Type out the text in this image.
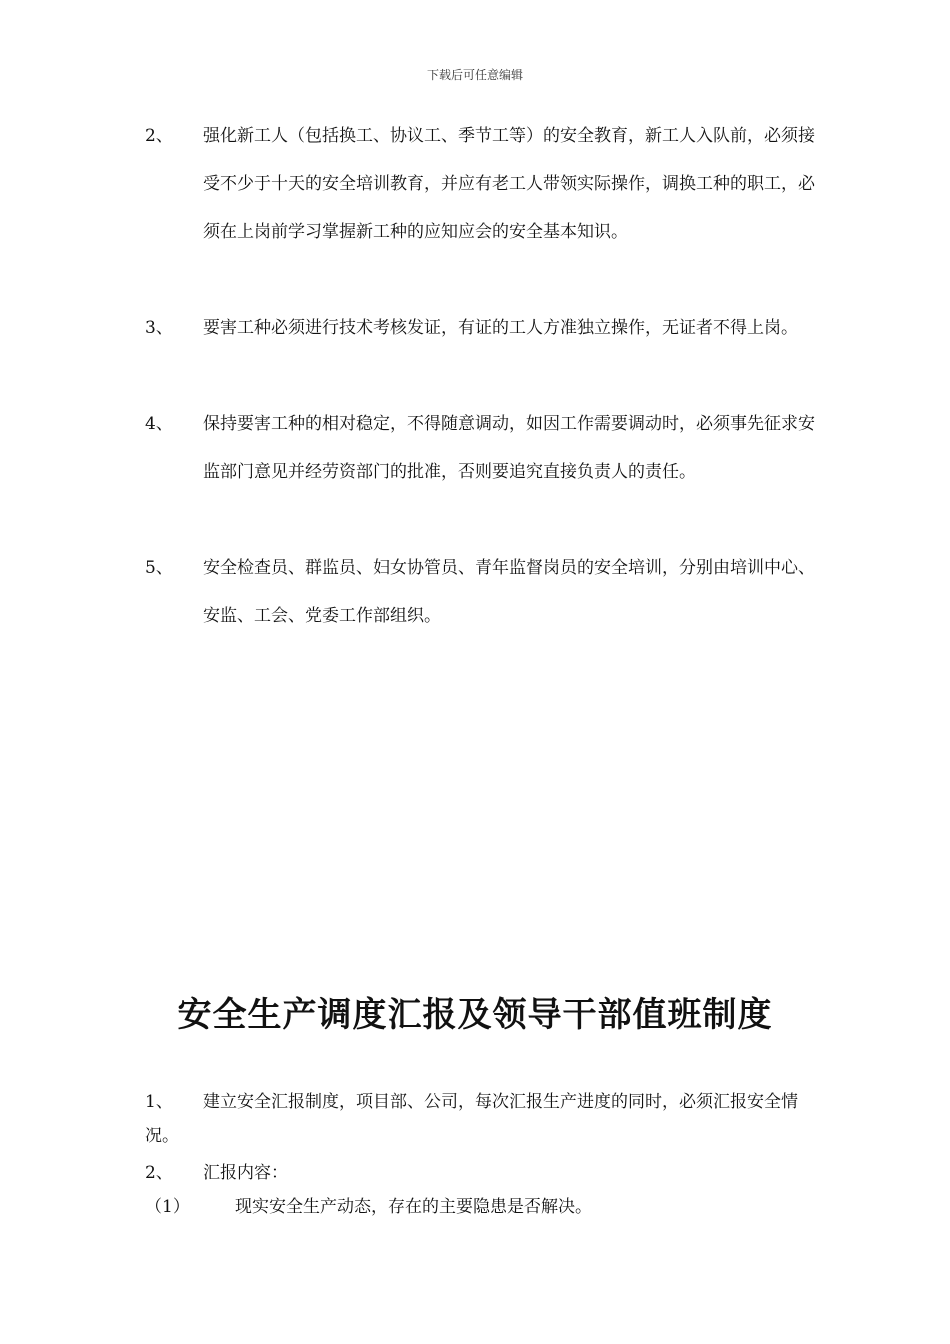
下载后可任意编辑
2、	强化新工人（包括换工、协议工、季节工等）的安全教育，新工人入队前，必须接受不少于十天的安全培训教育，并应有老工人带领实际操作，调换工种的职工，必须在上岗前学习掌握新工种的应知应会的安全基本知识。
3、	要害工种必须进行技术考核发证，有证的工人方准独立操作，无证者不得上岗。
4、	保持要害工种的相对稳定，不得随意调动，如因工作需要调动时，必须事先征求安监部门意见并经劳资部门的批准，否则要追究直接负责人的责任。
5、	安全检查员、群监员、妇女协管员、青年监督岗员的安全培训，分别由培训中心、安监、工会、党委工作部组织。
安全生产调度汇报及领导干部值班制度
1、 建立安全汇报制度，项目部、公司，每次汇报生产进度的同时，必须汇报安全情况。
2、 汇报内容：
（1）	现实安全生产动态，存在的主要隐患是否解决。
